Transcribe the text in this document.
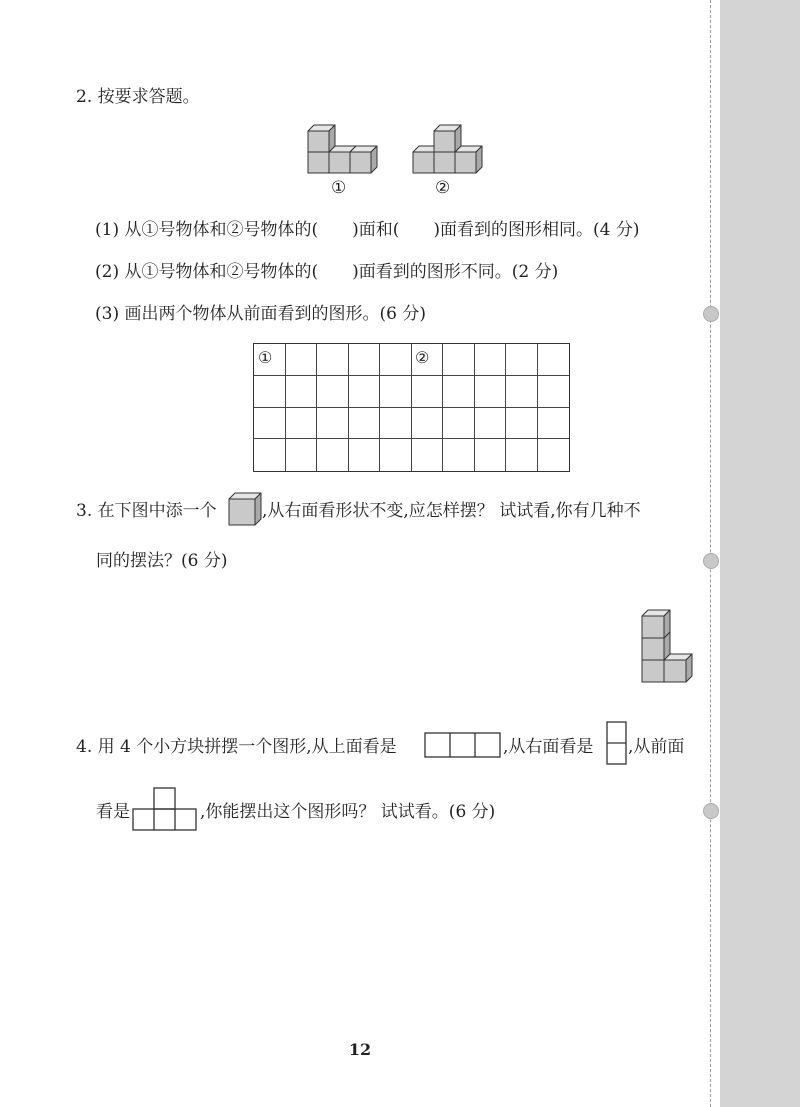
2. 按要求答题。
①	②
(1) 从①号物体和②号物体的(　　)面和(　　)面看到的图形相同。(4 分)
(2) 从①号物体和②号物体的(　　)面看到的图形不同。(2 分)
(3) 画出两个物体从前面看到的图形。(6 分)
①	②
3. 在下图中添一个	,从右面看形状不变,应怎样摆？ 试试看,你有几种不
同的摆法？(6 分)
4. 用 4 个小方块拼摆一个图形,从上面看是	,从右面看是 ,从前面
看是	,你能摆出这个图形吗？ 试试看。(6 分)
12
